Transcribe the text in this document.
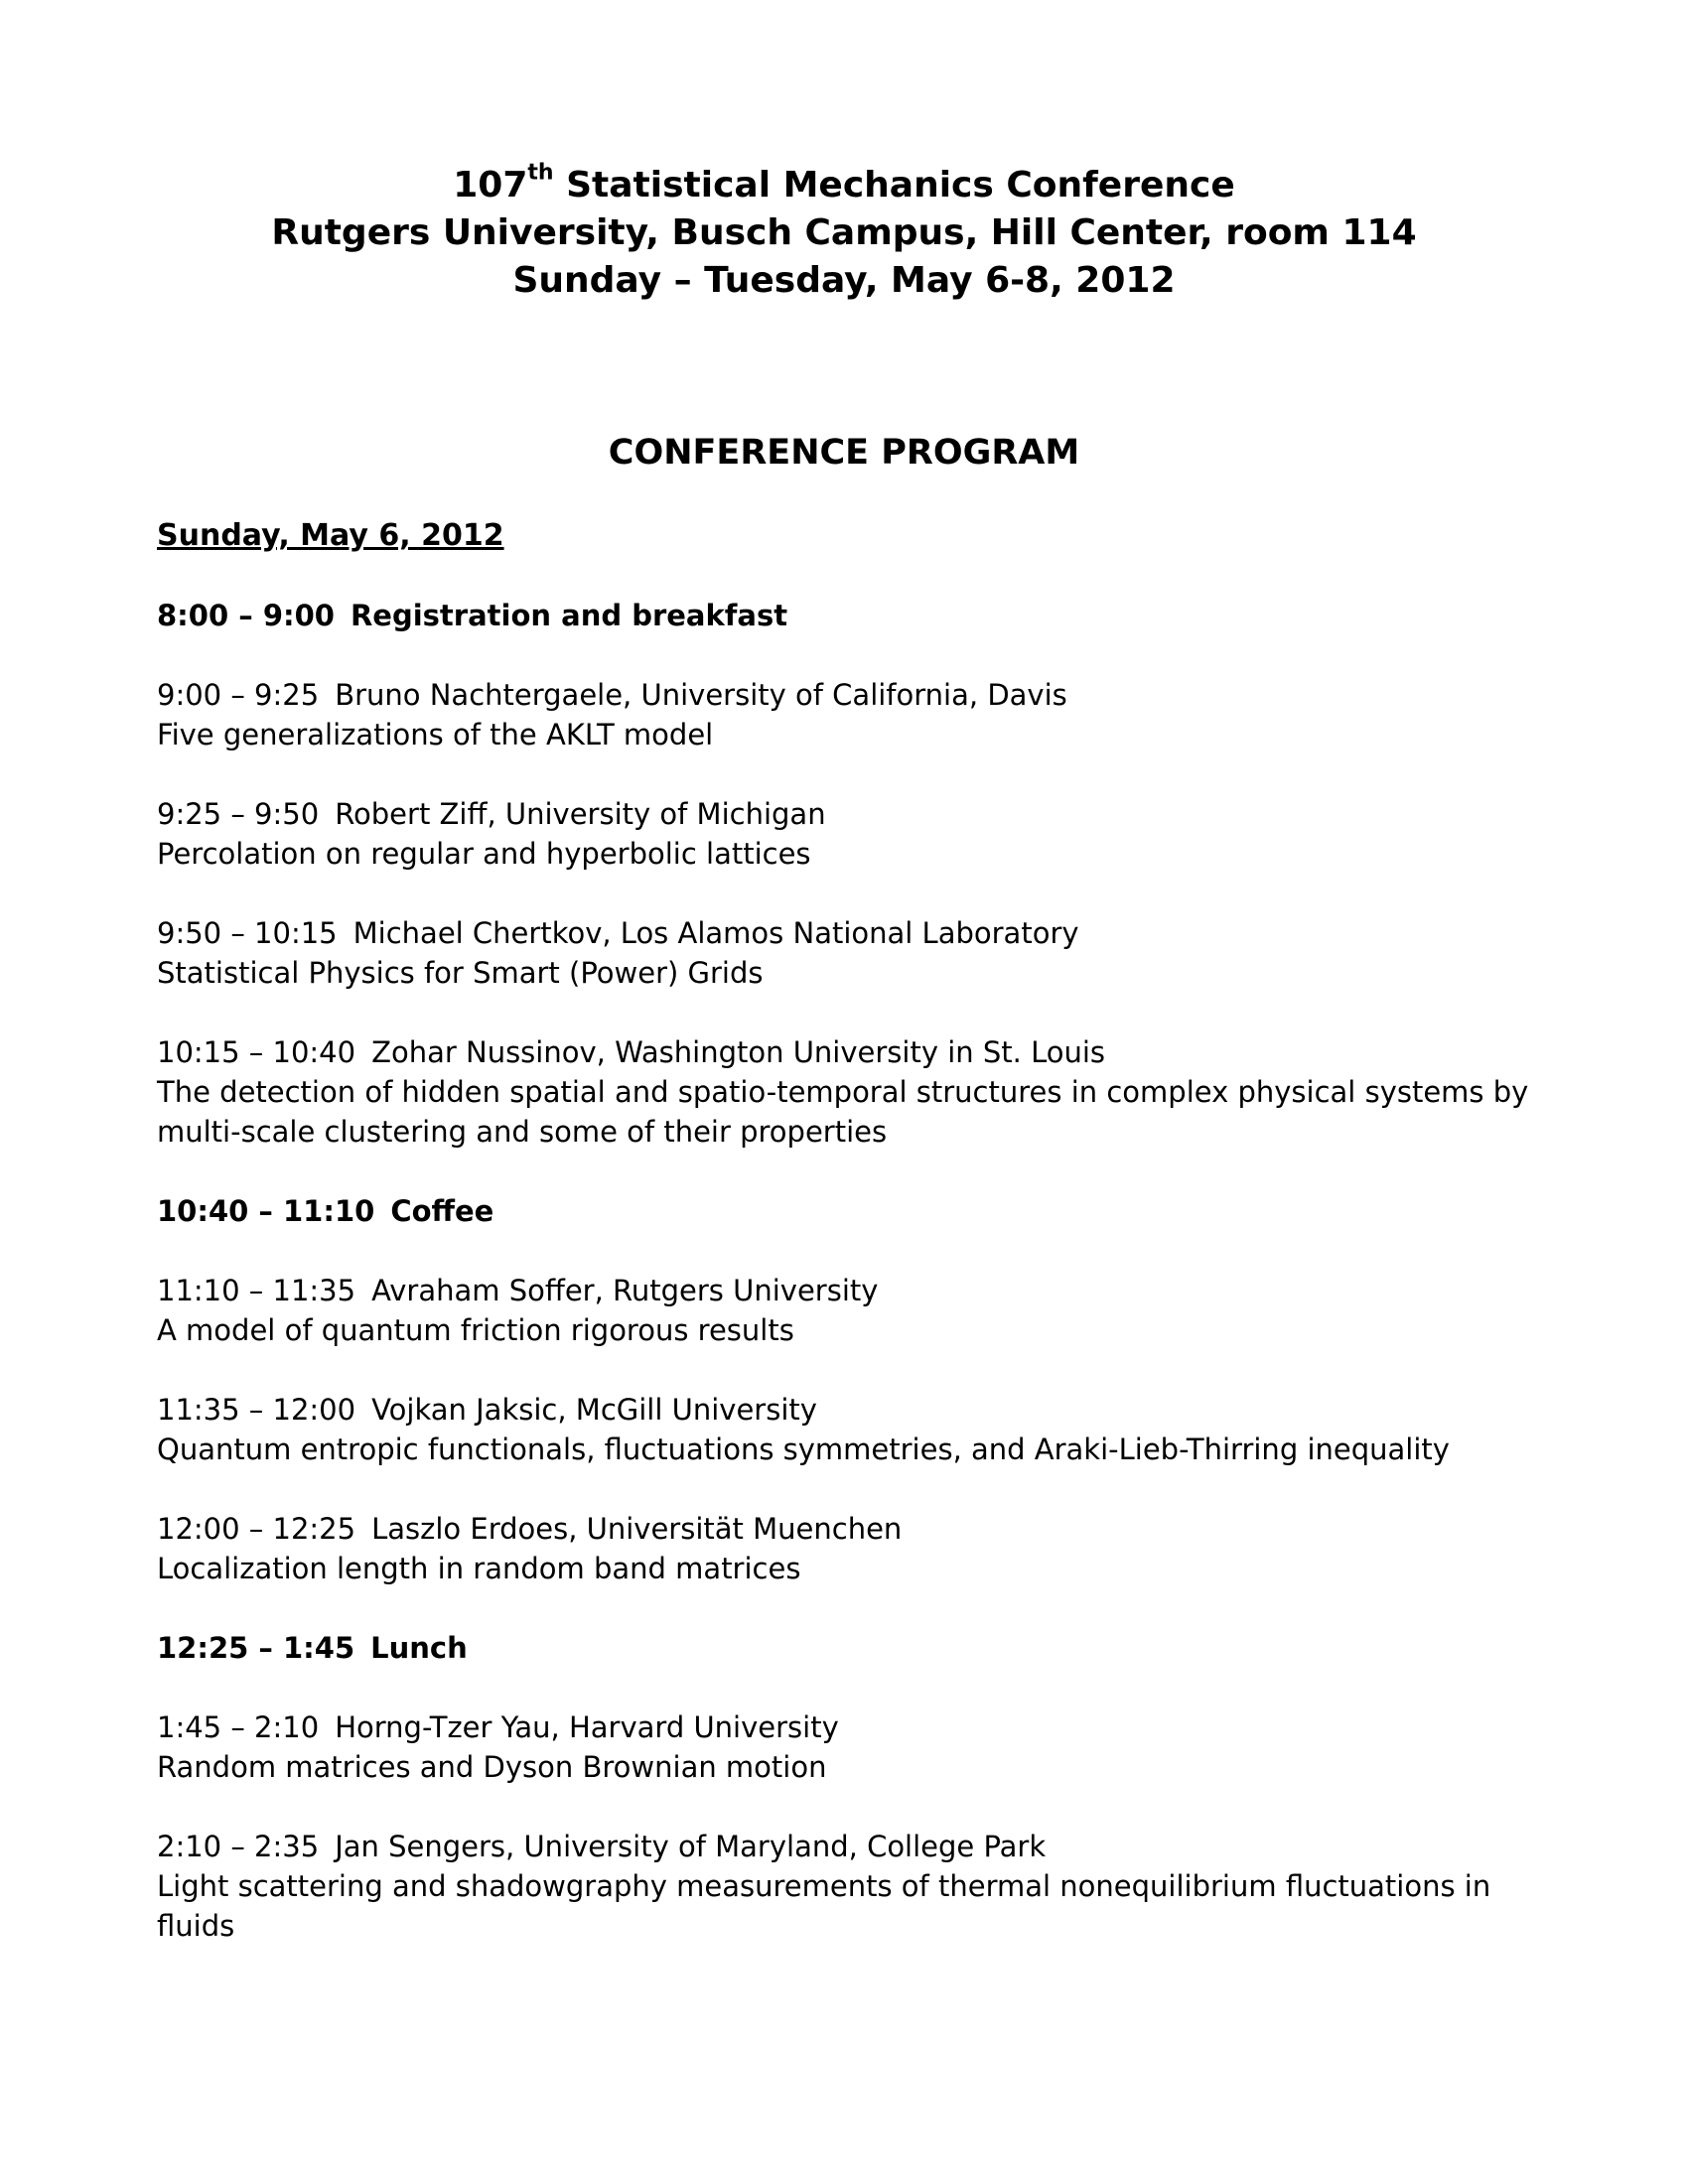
107th Statistical Mechanics Conference
Rutgers University, Busch Campus, Hill Center, room 114
Sunday – Tuesday, May 6-8, 2012
CONFERENCE PROGRAM
Sunday, May 6, 2012
8:00 – 9:00 Registration and breakfast
9:00 – 9:25 Bruno Nachtergaele, University of California, Davis
Five generalizations of the AKLT model
9:25 – 9:50 Robert Ziff, University of Michigan
Percolation on regular and hyperbolic lattices
9:50 – 10:15 Michael Chertkov, Los Alamos National Laboratory
Statistical Physics for Smart (Power) Grids
10:15 – 10:40 Zohar Nussinov, Washington University in St. Louis
The detection of hidden spatial and spatio-temporal structures in complex physical systems by multi-scale clustering and some of their properties
10:40 – 11:10 Coffee
11:10 – 11:35 Avraham Soffer, Rutgers University
A model of quantum friction rigorous results
11:35 – 12:00 Vojkan Jaksic, McGill University
Quantum entropic functionals, fluctuations symmetries, and Araki-Lieb-Thirring inequality
12:00 – 12:25 Laszlo Erdoes, Universität Muenchen
Localization length in random band matrices
12:25 – 1:45 Lunch
1:45 – 2:10 Horng-Tzer Yau, Harvard University
Random matrices and Dyson Brownian motion
2:10 – 2:35 Jan Sengers, University of Maryland, College Park
Light scattering and shadowgraphy measurements of thermal nonequilibrium fluctuations in fluids
